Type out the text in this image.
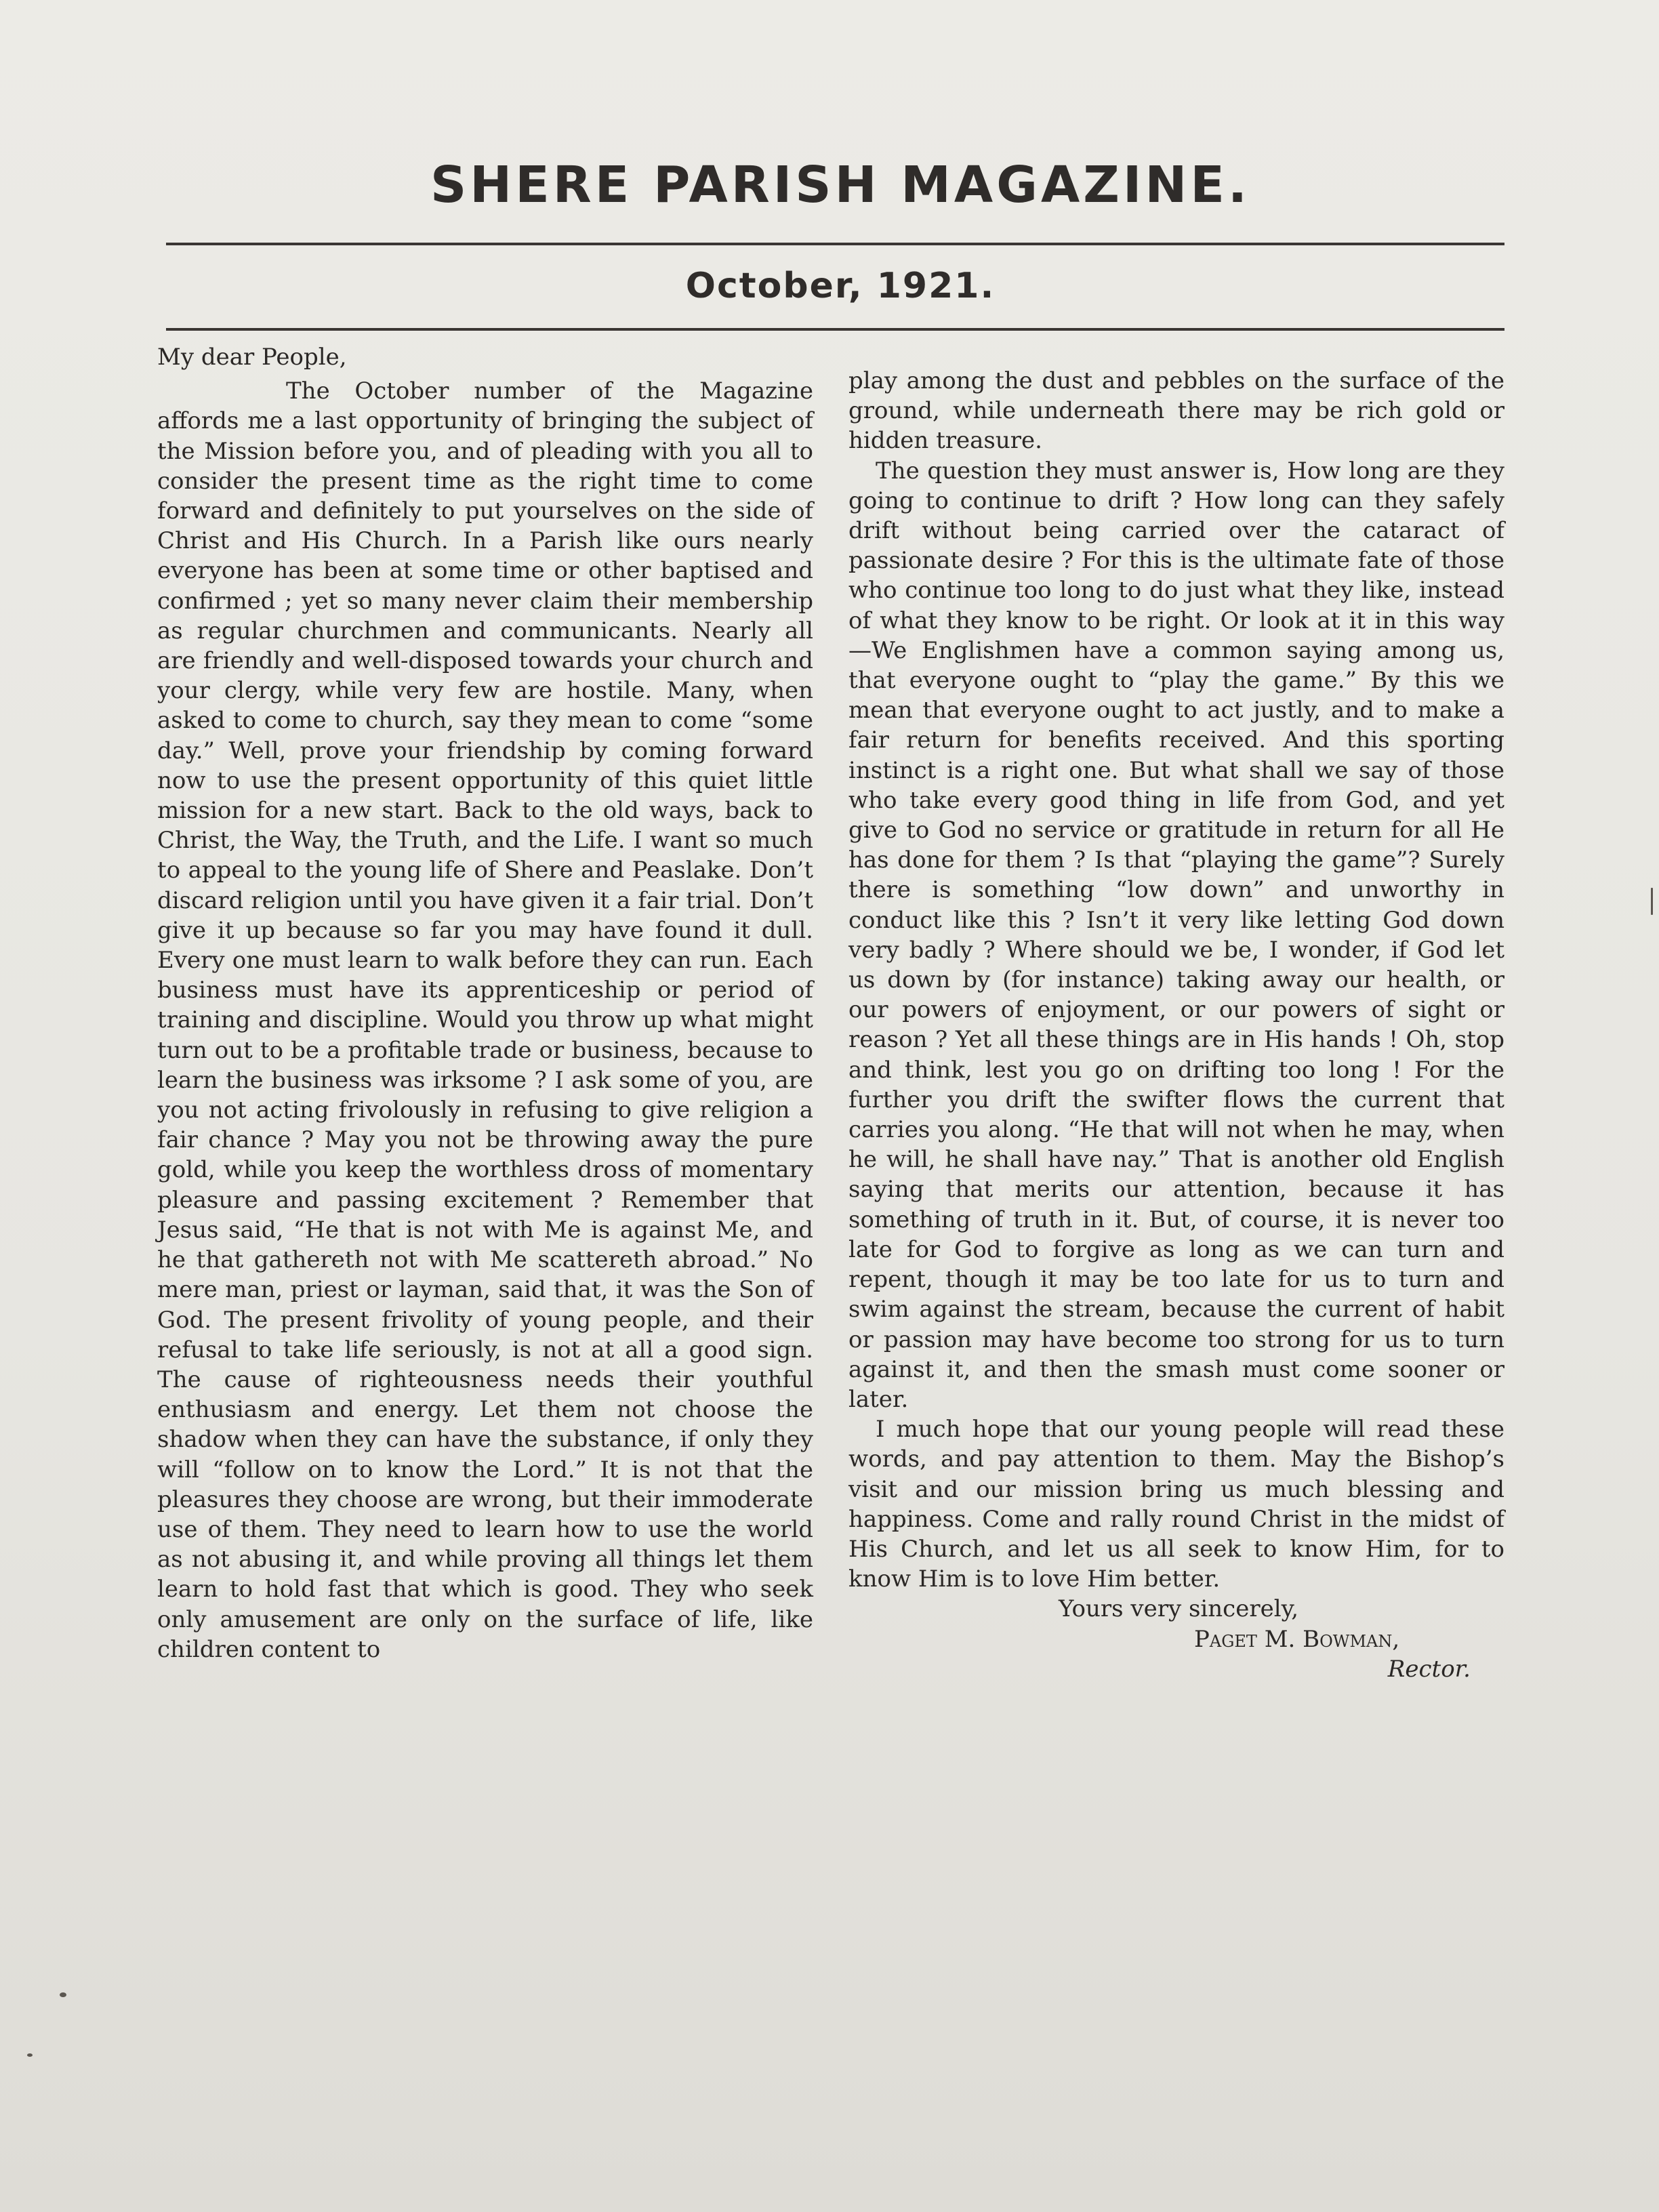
SHERE PARISH MAGAZINE.
October, 1921.

My dear People,

The October number of the Magazine affords me a last opportunity of bringing the subject of the Mission before you, and of pleading with you all to consider the present time as the right time to come forward and definitely to put yourselves on the side of Christ and His Church. In a Parish like ours nearly everyone has been at some time or other baptised and confirmed ; yet so many never claim their membership as regular churchmen and communicants. Nearly all are friendly and well-disposed towards your church and your clergy, while very few are hostile. Many, when asked to come to church, say they mean to come “some day.” Well, prove your friendship by coming forward now to use the present opportunity of this quiet little mission for a new start. Back to the old ways, back to Christ, the Way, the Truth, and the Life. I want so much to appeal to the young life of Shere and Peaslake. Don’t discard religion until you have given it a fair trial. Don’t give it up because so far you may have found it dull. Every one must learn to walk before they can run. Each business must have its apprenticeship or period of training and discipline. Would you throw up what might turn out to be a profitable trade or business, because to learn the business was irksome ? I ask some of you, are you not acting frivolously in refusing to give religion a fair chance ? May you not be throwing away the pure gold, while you keep the worthless dross of momentary pleasure and passing excitement ? Remember that Jesus said, “He that is not with Me is against Me, and he that gathereth not with Me scattereth abroad.” No mere man, priest or layman, said that, it was the Son of God. The present frivolity of young people, and their refusal to take life seriously, is not at all a good sign. The cause of righteousness needs their youthful enthusiasm and energy. Let them not choose the shadow when they can have the substance, if only they will “follow on to know the Lord.” It is not that the pleasures they choose are wrong, but their immoderate use of them. They need to learn how to use the world as not abusing it, and while proving all things let them learn to hold fast that which is good. They who seek only amusement are only on the surface of life, like children content to

play among the dust and pebbles on the surface of the ground, while underneath there may be rich gold or hidden treasure.

The question they must answer is, How long are they going to continue to drift ? How long can they safely drift without being carried over the cataract of passionate desire ? For this is the ultimate fate of those who continue too long to do just what they like, instead of what they know to be right. Or look at it in this way—We Englishmen have a common saying among us, that everyone ought to “play the game.” By this we mean that everyone ought to act justly, and to make a fair return for benefits received. And this sporting instinct is a right one. But what shall we say of those who take every good thing in life from God, and yet give to God no service or gratitude in return for all He has done for them ? Is that “playing the game”? Surely there is something “low down” and unworthy in conduct like this ? Isn’t it very like letting God down very badly ? Where should we be, I wonder, if God let us down by (for instance) taking away our health, or our powers of enjoyment, or our powers of sight or reason ? Yet all these things are in His hands ! Oh, stop and think, lest you go on drifting too long ! For the further you drift the swifter flows the current that carries you along. “He that will not when he may, when he will, he shall have nay.” That is another old English saying that merits our attention, because it has something of truth in it. But, of course, it is never too late for God to forgive as long as we can turn and repent, though it may be too late for us to turn and swim against the stream, because the current of habit or passion may have become too strong for us to turn against it, and then the smash must come sooner or later.

I much hope that our young people will read these words, and pay attention to them. May the Bishop’s visit and our mission bring us much blessing and happiness. Come and rally round Christ in the midst of His Church, and let us all seek to know Him, for to know Him is to love Him better.

Yours very sincerely,

Paget M. Bowman,

Rector.
